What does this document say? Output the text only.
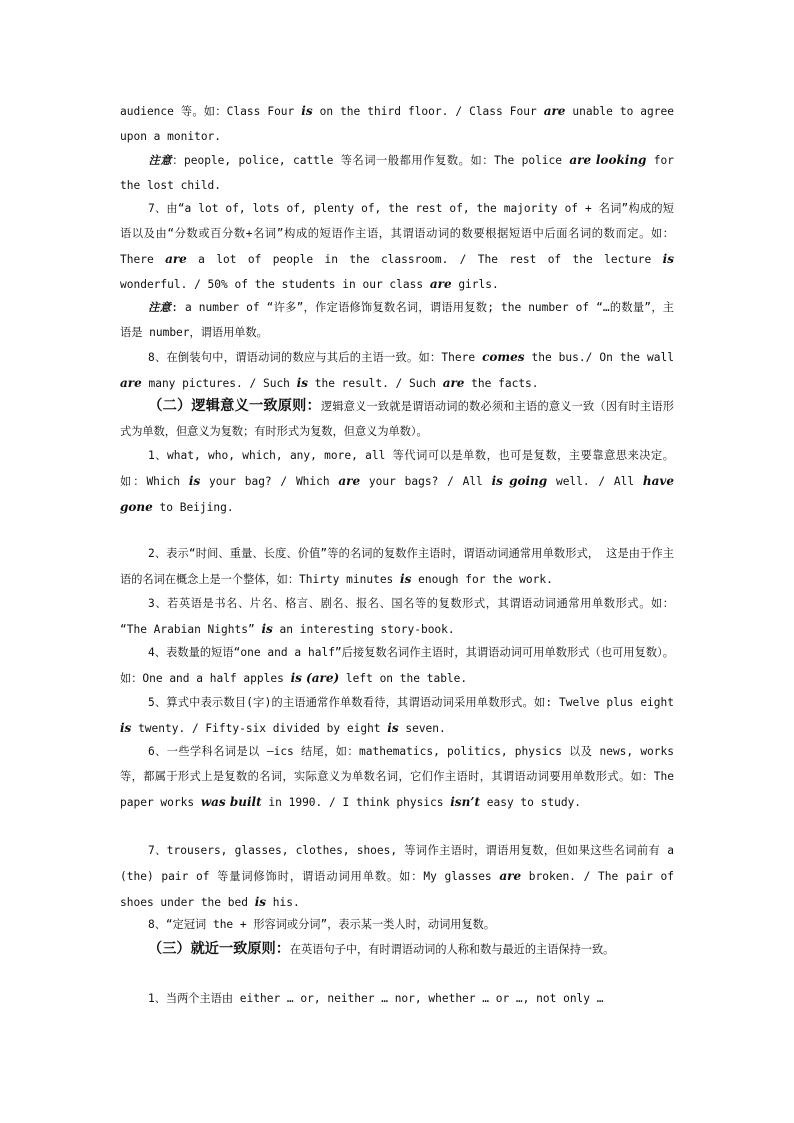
audience 等。如：Class Four is on the third floor. / Class Four are unable to agree upon a monitor.

注意：people, police, cattle 等名词一般都用作复数。如：The police are looking for the lost child.

7、由“a lot of, lots of, plenty of, the rest of, the majority of + 名词”构成的短语以及由“分数或百分数+名词”构成的短语作主语，其谓语动词的数要根据短语中后面名词的数而定。如：There are a lot of people in the classroom. / The rest of the lecture is wonderful. / 50% of the students in our class are girls.

注意: a number of “许多”，作定语修饰复数名词，谓语用复数; the number of “…的数量”，主语是 number，谓语用单数。

8、在倒装句中，谓语动词的数应与其后的主语一致。如：There comes the bus./ On the wall are many pictures. / Such is the result. / Such are the facts.

（二）逻辑意义一致原则：逻辑意义一致就是谓语动词的数必须和主语的意义一致（因有时主语形式为单数，但意义为复数；有时形式为复数，但意义为单数）。

1、what, who, which, any, more, all 等代词可以是单数，也可是复数，主要靠意思来决定。如：Which is your bag? / Which are your bags? / All is going well. / All have gone to Beijing.

2、表示“时间、重量、长度、价值”等的名词的复数作主语时，谓语动词通常用单数形式， 这是由于作主语的名词在概念上是一个整体，如：Thirty minutes is enough for the work.

3、若英语是书名、片名、格言、剧名、报名、国名等的复数形式，其谓语动词通常用单数形式。如： “The Arabian Nights” is an interesting story-book.

4、表数量的短语“one and a half”后接复数名词作主语时，其谓语动词可用单数形式（也可用复数）。如：One and a half apples is (are) left on the table.

5、算式中表示数目(字)的主语通常作单数看待，其谓语动词采用单数形式。如: Twelve plus eight is twenty. / Fifty-six divided by eight is seven.

6、一些学科名词是以 –ics 结尾，如：mathematics, politics, physics 以及 news, works 等，都属于形式上是复数的名词，实际意义为单数名词，它们作主语时，其谓语动词要用单数形式。如：The paper works was built in 1990. / I think physics isn’t easy to study.

7、trousers, glasses, clothes, shoes, 等词作主语时，谓语用复数，但如果这些名词前有 a (the) pair of 等量词修饰时，谓语动词用单数。如：My glasses are broken. / The pair of shoes under the bed is his.

8、“定冠词 the + 形容词或分词”，表示某一类人时，动词用复数。

（三）就近一致原则：在英语句子中，有时谓语动词的人称和数与最近的主语保持一致。

1、当两个主语由 either … or, neither … nor, whether … or …, not only …
